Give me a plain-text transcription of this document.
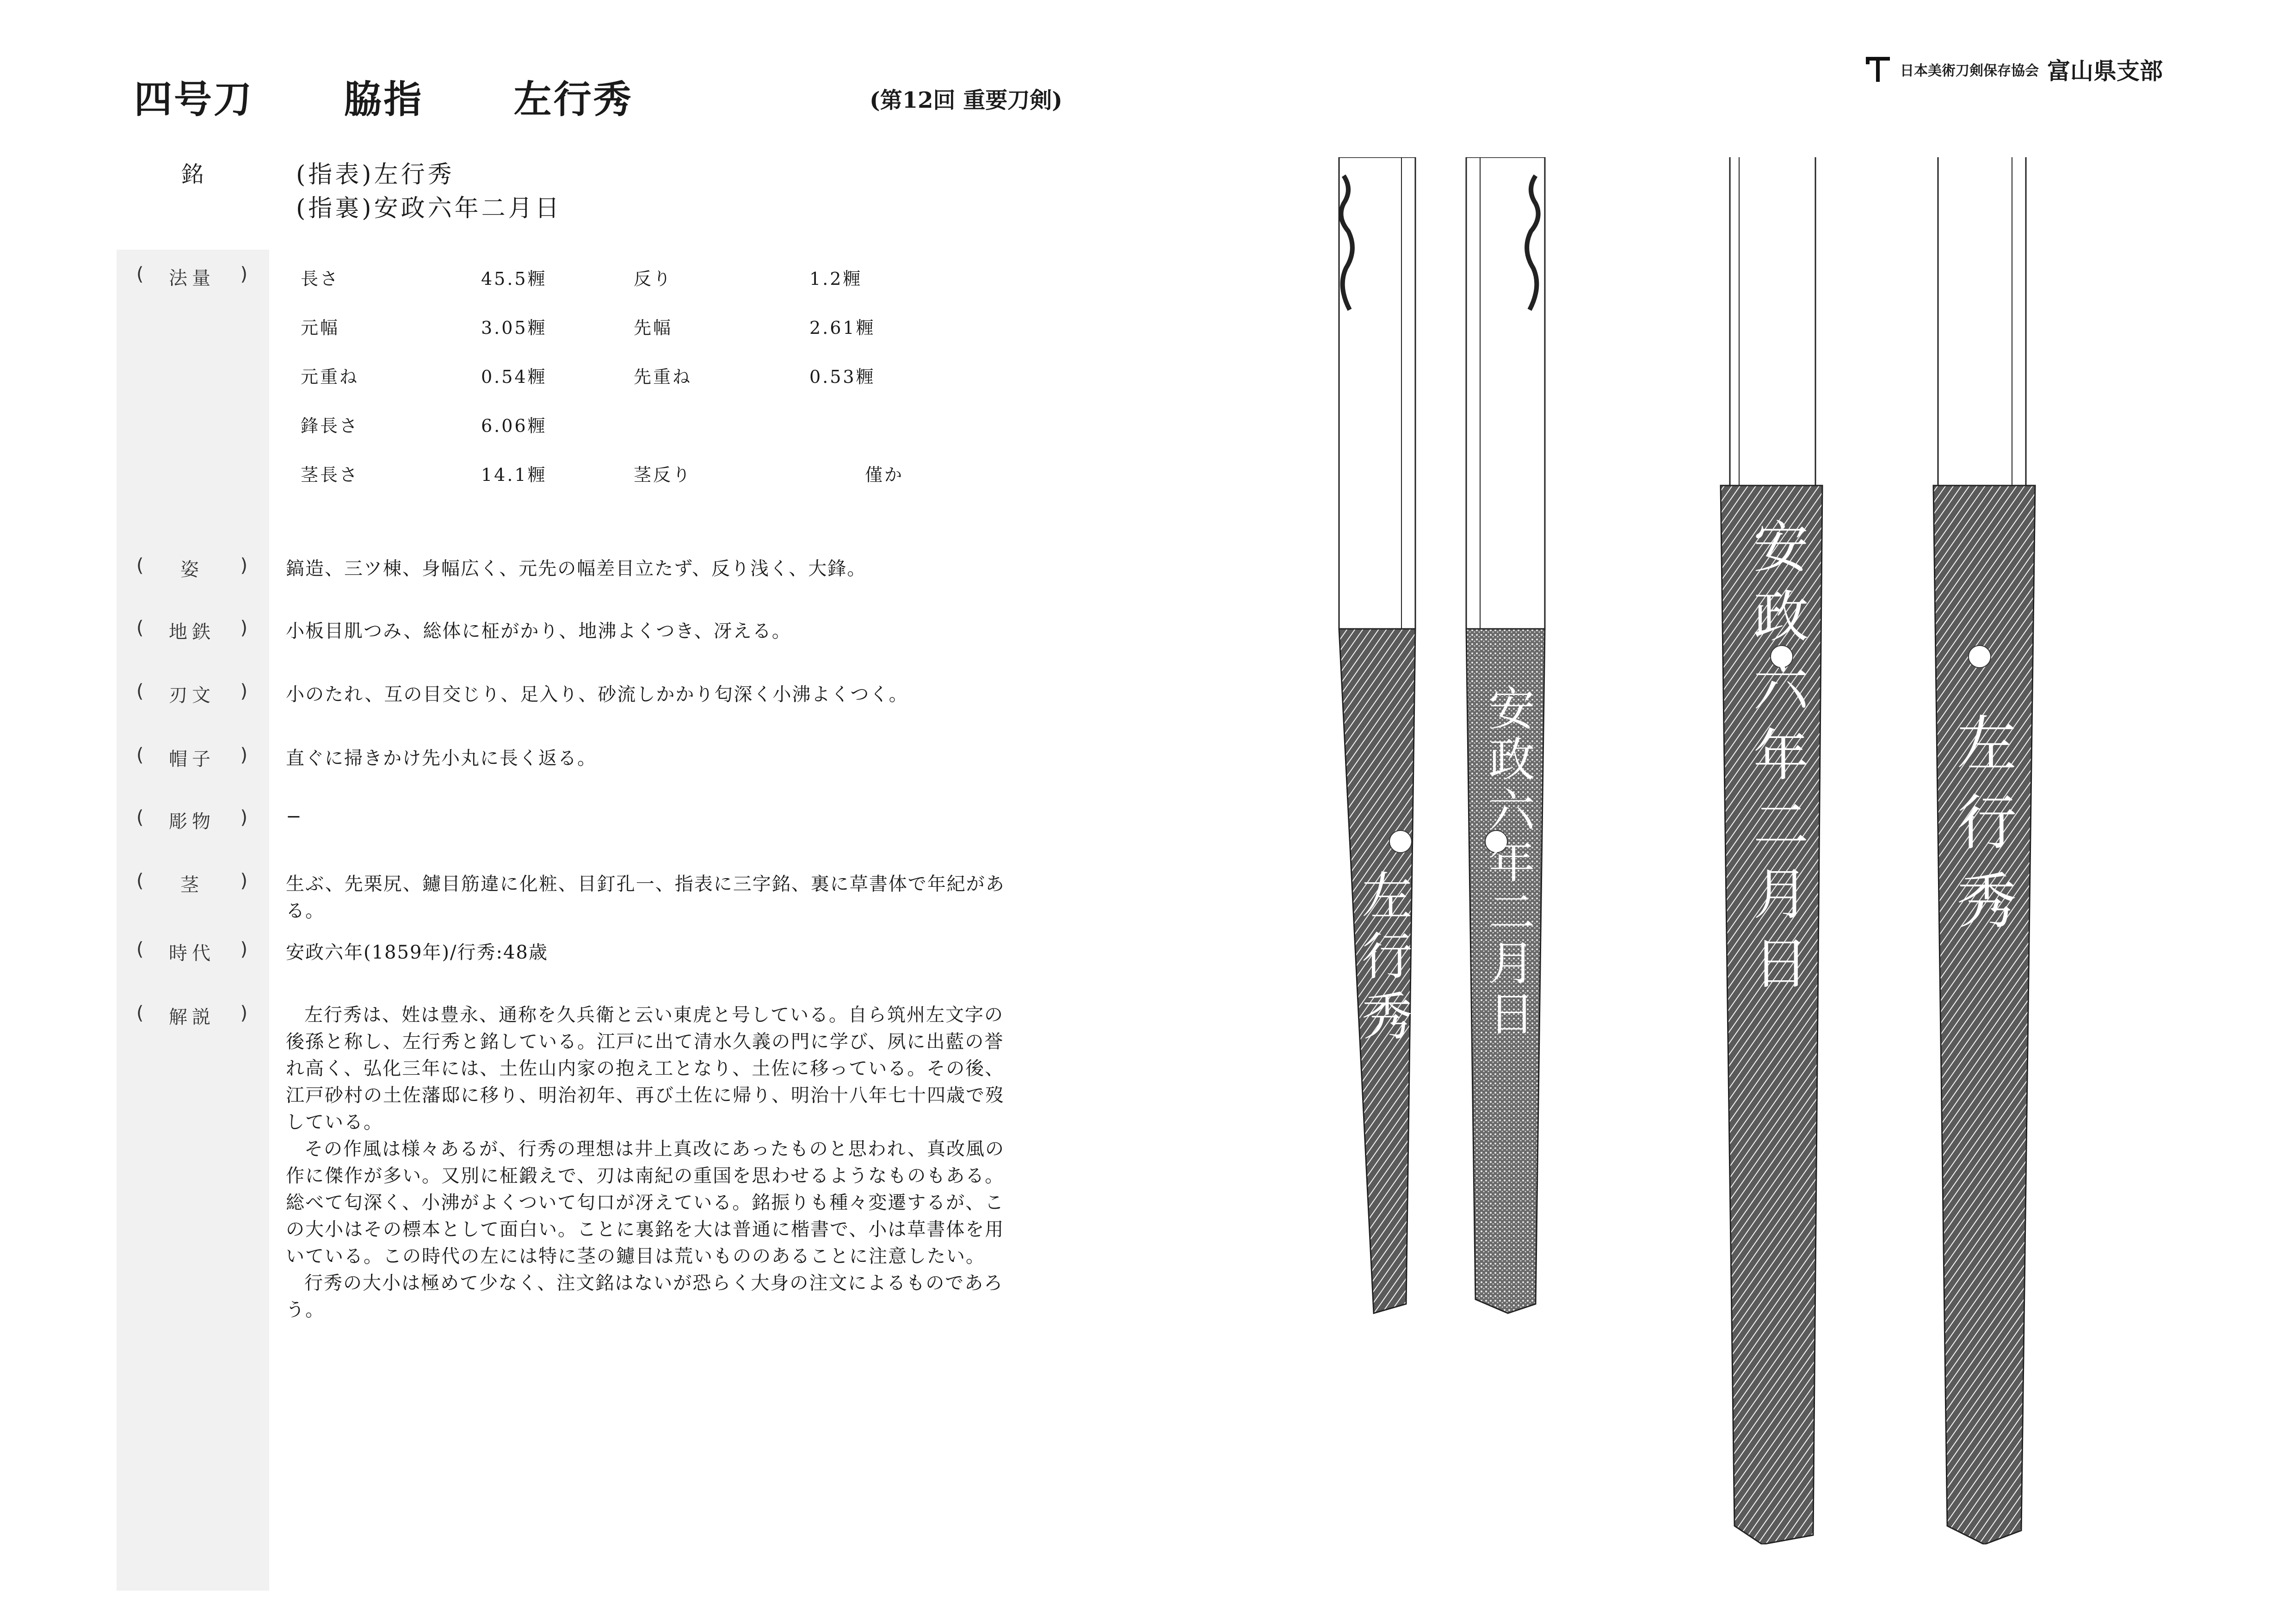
四号刀 脇指 左行秀	(第12回 重要刀剣)
日本美術刀剣保存協会 富山県支部
銘	(指表)左行秀
(指裏)安政六年二月日
(	法量	)	長さ	45.5糎	反り	1.2糎
元幅	3.05糎	先幅	2.61糎
元重ね	0.54糎	先重ね	0.53糎
鋒長さ	6.06糎
茎長さ	14.1糎	茎反り	僅か
(	姿	) 鎬造、三ツ棟、身幅広く、元先の幅差目立たず、反り浅く、大鋒。
(	地鉄	) 小板目肌つみ、総体に柾がかり、地沸よくつき、冴える。
(	刃文	) 小のたれ、互の目交じり、足入り、砂流しかかり匂深く小沸よくつく。
(	帽子	) 直ぐに掃きかけ先小丸に長く返る。
(	彫物	) −
(	茎	) 生ぶ、先栗尻、鑢目筋違に化粧、目釘孔一、指表に三字銘、裏に草書体で年紀があ
る。
(	時代	) 安政六年(1859年)/行秀:48歳
(	解説	)	左行秀は、姓は豊永、通称を久兵衛と云い東虎と号している。自ら筑州左文字の
後孫と称し、左行秀と銘している。江戸に出て清水久義の門に学び、夙に出藍の誉
れ高く、弘化三年には、土佐山内家の抱え工となり、土佐に移っている。その後、
江戸砂村の土佐藩邸に移り、明治初年、再び土佐に帰り、明治十八年七十四歳で歿
している。
その作風は様々あるが、行秀の理想は井上真改にあったものと思われ、真改風の
作に傑作が多い。又別に柾鍛えで、刃は南紀の重国を思わせるようなものもある。
総べて匂深く、小沸がよくついて匂口が冴えている。銘振りも種々変遷するが、こ
の大小はその標本として面白い。ことに裏銘を大は普通に楷書で、小は草書体を用
いている。この時代の左には特に茎の鑢目は荒いもののあることに注意したい。
行秀の大小は極めて少なく、注文銘はないが恐らく大身の注文によるものであろ
う。
左行秀 安政六年二月日	安政六年二月日 左行秀
